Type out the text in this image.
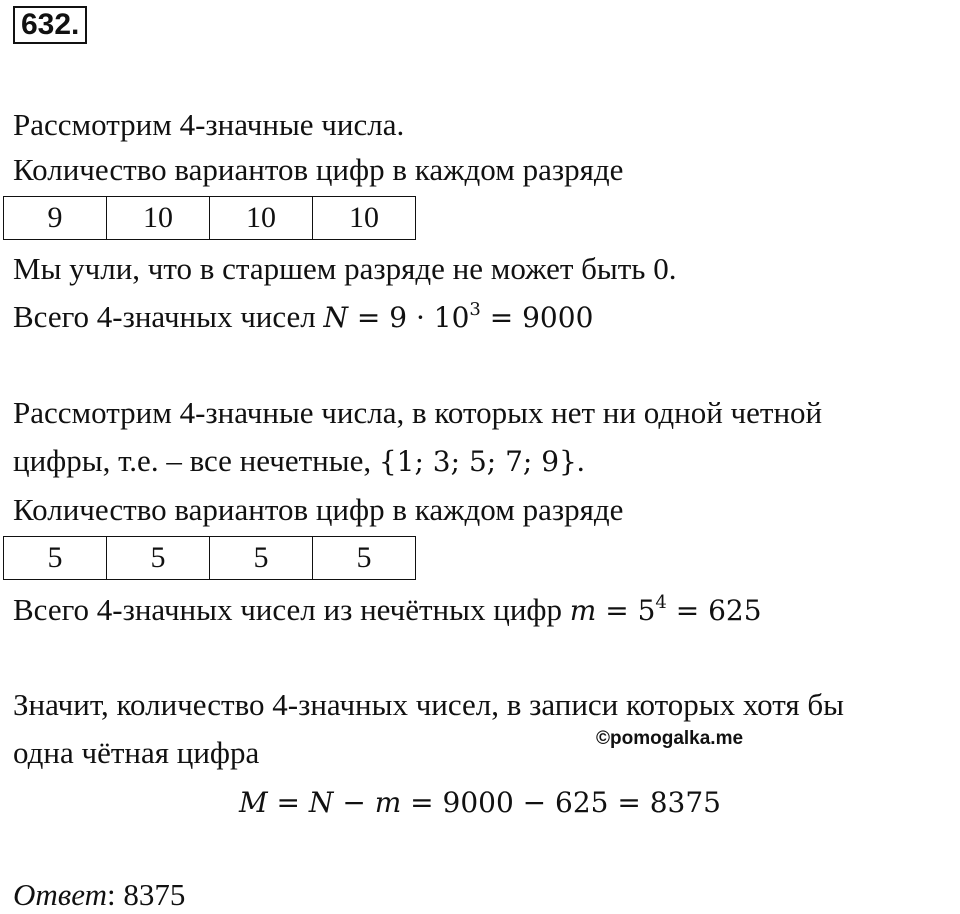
632.
Рассмотрим 4-значные числа.
Количество вариантов цифр в каждом разряде
9	10	10	10
Мы учли, что в старшем разряде не может быть 0.
Всего 4-значных чисел $N = 9 \cdot 10^3 = 9000$
Рассмотрим 4-значные числа, в которых нет ни одной четной
цифры, т.е. – все нечетные, {1; 3; 5; 7; 9}.
Количество вариантов цифр в каждом разряде
5	5	5	5
Всего 4-значных чисел из нечётных цифр $m = 5^4 = 625$
Значит, количество 4-значных чисел, в записи которых хотя бы
одна чётная цифра	©pomogalka.me
M = N − m = 9000 − 625 = 8375
Ответ: 8375
